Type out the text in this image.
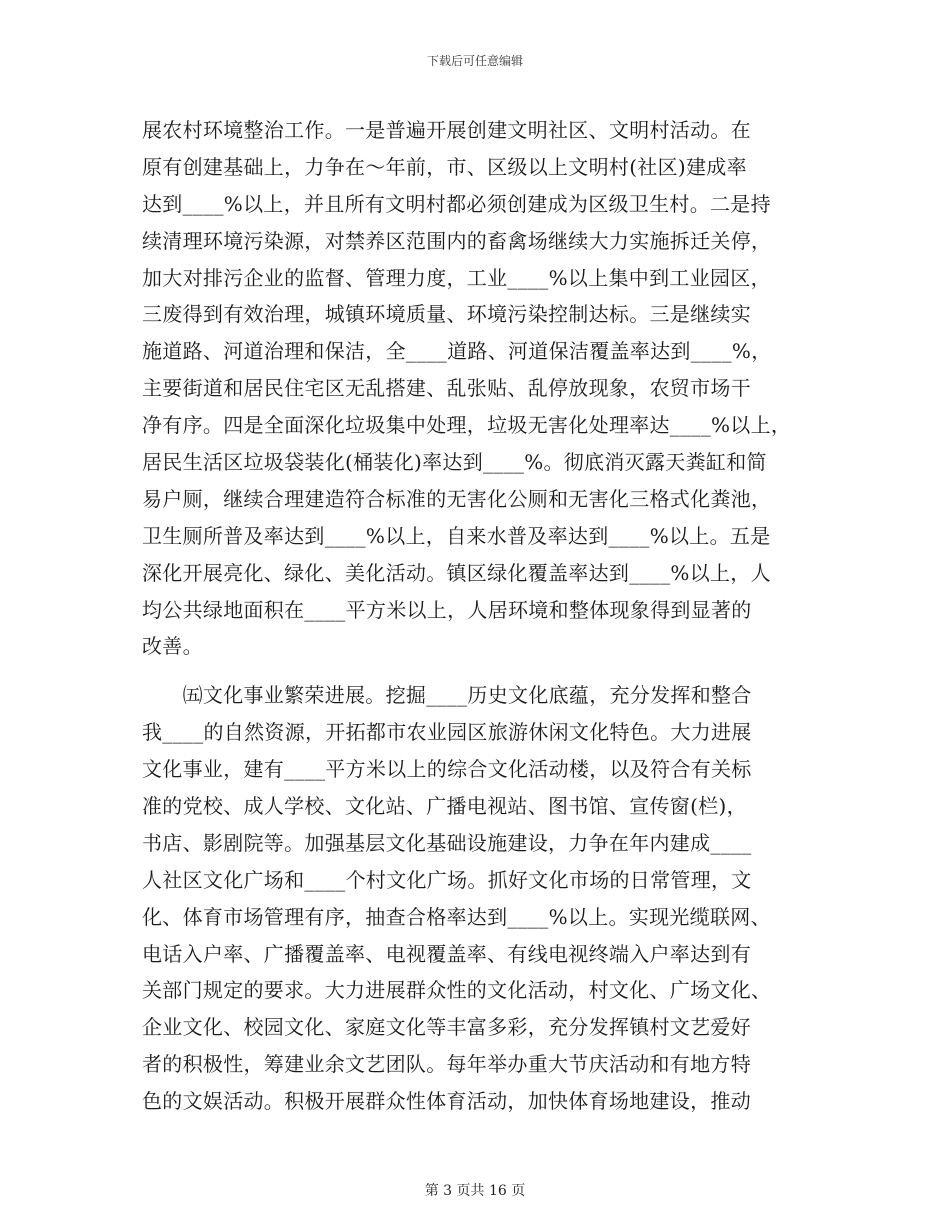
下载后可任意编辑
展农村环境整治工作。一是普遍开展创建文明社区、文明村活动。在
原有创建基础上，力争在～年前，市、区级以上文明村(社区)建成率
达到____%以上，并且所有文明村都必须创建成为区级卫生村。二是持
续清理环境污染源，对禁养区范围内的畜禽场继续大力实施拆迁关停，
加大对排污企业的监督、管理力度，工业____%以上集中到工业园区，
三废得到有效治理，城镇环境质量、环境污染控制达标。三是继续实
施道路、河道治理和保洁，全____道路、河道保洁覆盖率达到____%，
主要街道和居民住宅区无乱搭建、乱张贴、乱停放现象，农贸市场干
净有序。四是全面深化垃圾集中处理，垃圾无害化处理率达____%以上，
居民生活区垃圾袋装化(桶装化)率达到____%。彻底消灭露天粪缸和简
易户厕，继续合理建造符合标准的无害化公厕和无害化三格式化粪池，
卫生厕所普及率达到____%以上，自来水普及率达到____%以上。五是
深化开展亮化、绿化、美化活动。镇区绿化覆盖率达到____%以上，人
均公共绿地面积在____平方米以上，人居环境和整体现象得到显著的
改善。
　　㈤文化事业繁荣进展。挖掘____历史文化底蕴，充分发挥和整合
我____的自然资源，开拓都市农业园区旅游休闲文化特色。大力进展
文化事业，建有____平方米以上的综合文化活动楼，以及符合有关标
准的党校、成人学校、文化站、广播电视站、图书馆、宣传窗(栏)，
书店、影剧院等。加强基层文化基础设施建设，力争在年内建成____
人社区文化广场和____个村文化广场。抓好文化市场的日常管理，文
化、体育市场管理有序，抽查合格率达到____%以上。实现光缆联网、
电话入户率、广播覆盖率、电视覆盖率、有线电视终端入户率达到有
关部门规定的要求。大力进展群众性的文化活动，村文化、广场文化、
企业文化、校园文化、家庭文化等丰富多彩，充分发挥镇村文艺爱好
者的积极性，筹建业余文艺团队。每年举办重大节庆活动和有地方特
色的文娱活动。积极开展群众性体育活动，加快体育场地建设，推动
第 3 页共 16 页
